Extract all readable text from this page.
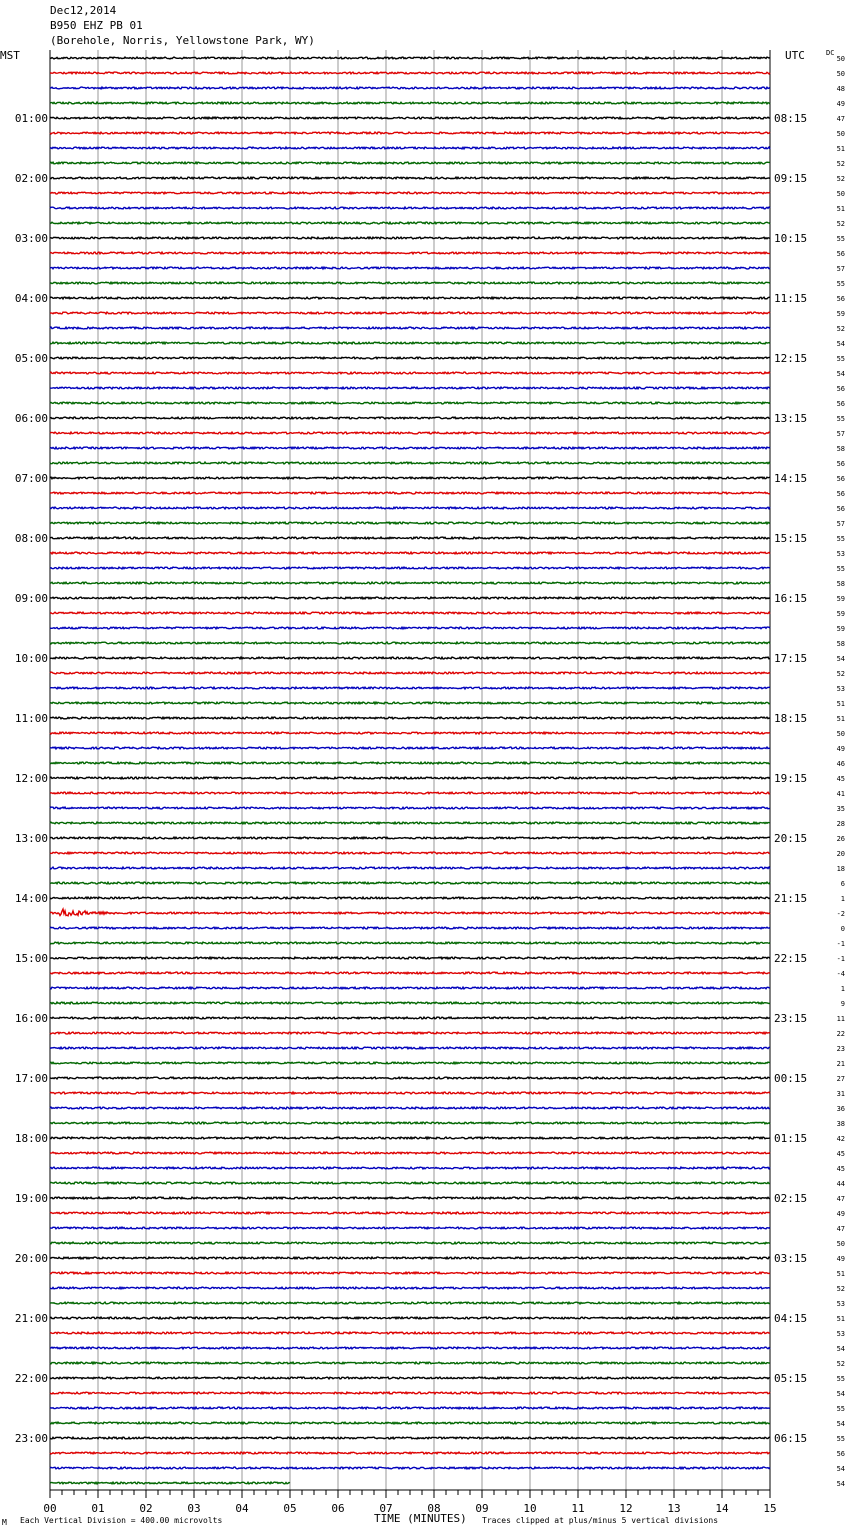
Dec12,2014
B950 EHZ PB 01
(Borehole, Norris, Yellowstone Park, WY)
MST	UTC	DC
50
50
48
49
47
50
51
52
52
50
51
52
55
56
57
55
56
59
52
54
55
54
56
56
55
57
58
56
56
56
56
57
55
53
55
58
59
59
59
58
54
52
53
51
51
50
49
46
45
41
35
28
26
20
18
6
1
-2
0
-1
-1
-4
1
9
11
22
23
21
27
31
36
38
42
45
45
44
47
49
47
50
49
51
52
53
51
53
54
52
55
54
55
54
55
56
54
54
01:00	08:15
02:00	09:15
03:00	10:15
04:00	11:15
05:00	12:15
06:00	13:15
07:00	14:15
08:00	15:15
09:00	16:15
10:00	17:15
11:00	18:15
12:00	19:15
13:00	20:15
14:00	21:15
15:00	22:15
16:00	23:15
17:00	00:15
18:00	01:15
19:00	02:15
20:00	03:15
21:00	04:15
22:00	05:15
23:00	06:15
00	01	02	03	04	05	06	07	08	09	10	11	12	13	14	15
M Each Vertical Division = 400.00 microvolts	TIME (MINUTES) Traces clipped at plus/minus 5 vertical divisions
